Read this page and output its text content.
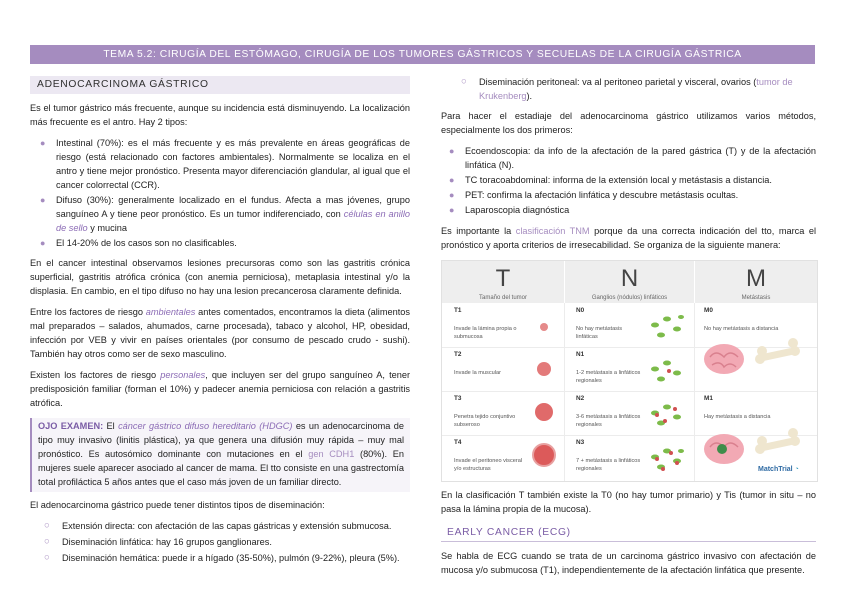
TEMA 5.2: CIRUGÍA DEL ESTÓMAGO, CIRUGÍA DE LOS TUMORES GÁSTRICOS Y SECUELAS DE LA CIRUGÍA GÁSTRICA
ADENOCARCINOMA GÁSTRICO

Es el tumor gástrico más frecuente, aunque su incidencia está disminuyendo. La localización más frecuente es el antro. Hay 2 tipos:

● Intestinal (70%): es el más frecuente y es más prevalente en áreas geográficas de riesgo (está relacionado con factores ambientales). Normalmente se localiza en el antro y tiene mejor pronóstico. Presenta mayor diferenciación glandular, al igual que el cancer colorrectal (CCR).
● Difuso (30%): generalmente localizado en el fundus. Afecta a mas jóvenes, grupo sanguíneo A y tiene peor pronóstico. Es un tumor indiferenciado, con células en anillo de sello y mucina
● El 14-20% de los casos son no clasificables.

En el cancer intestinal observamos lesiones precursoras como son las gastritis crónica superficial, gastritis atrófica crónica (con anemia perniciosa), metaplasia intestinal y/o la displasia. En cambio, en el tipo difuso no hay una lesion precancerosa claramente definida.

Entre los factores de riesgo ambientales antes comentados, encontramos la dieta (alimentos mal preparados – salados, ahumados, carne procesada), tabaco y alcohol, HP, obesidad, infección por VEB y vivir en países orientales (por consumo de pescado crudo - sushi). También hay otros como ser de sexo masculino.

Existen los factores de riesgo personales, que incluyen ser del grupo sanguíneo A, tener predisposición familiar (forman el 10%) y padecer anemia perniciosa con relación a gastritis atrófica.

OJO EXAMEN: El cáncer gástrico difuso hereditario (HDGC) es un adenocarcinoma de tipo muy invasivo (linitis plástica), ya que genera una difusión muy rápida – muy mal pronóstico. Es autosómico dominante con mutaciones en el gen CDH1 (80%). En mujeres suele aparecer asociado al cancer de mama. El tto consiste en una gastrectomía total profiláctica 5 años antes que el caso más joven de un familiar directo.

El adenocarcinoma gástrico puede tener distintos tipos de diseminación:

○ Extensión directa: con afectación de las capas gástricas y extensión submucosa.
○ Diseminación linfática: hay 16 grupos ganglionares.
○ Diseminación hemática: puede ir a hígado (35-50%), pulmón (9-22%), pleura (5%).
○ Diseminación peritoneal: va al peritoneo parietal y visceral, ovarios (tumor de Krukenberg).

Para hacer el estadiaje del adenocarcinoma gástrico utilizamos varios métodos, especialmente los dos primeros:

● Ecoendoscopia: da info de la afectación de la pared gástrica (T) y de la afectación linfática (N).
● TC toracoabdominal: informa de la extensión local y metástasis a distancia.
● PET: confirma la afectación linfática y descubre metástasis ocultas.
● Laparoscopia diagnóstica

Es importante la clasificación TNM porque da una correcta indicación del tto, marca el pronóstico y aporta criterios de irresecabilidad. Se organiza de la siguiente manera:

T
Tamaño del tumor
N
Ganglios (nódulos) linfáticos
M
Metástasis
T1
Invade la lámina propia o submucosa
T2
Invade la muscular
T3
Penetra tejido conjuntivo subseroso
T4
Invade el peritoneo visceral y/o estructuras
N0
No hay metástasis linfáticas
N1
1-2 metástasis a linfáticos regionales
N2
3-6 metástasis a linfáticos regionales
N3
7 + metástasis a linfáticos regionales
M0
No hay metástasis a distancia
M1
Hay metástasis a distancia
MatchTrial ◔

En la clasificación T también existe la T0 (no hay tumor primario) y Tis (tumor in situ – no pasa la lámina propia de la mucosa).

EARLY CANCER (ECG)

Se habla de ECG cuando se trata de un carcinoma gástrico invasivo con afectación de mucosa y/o submucosa (T1), independientemente de la afectación linfática que presente.
